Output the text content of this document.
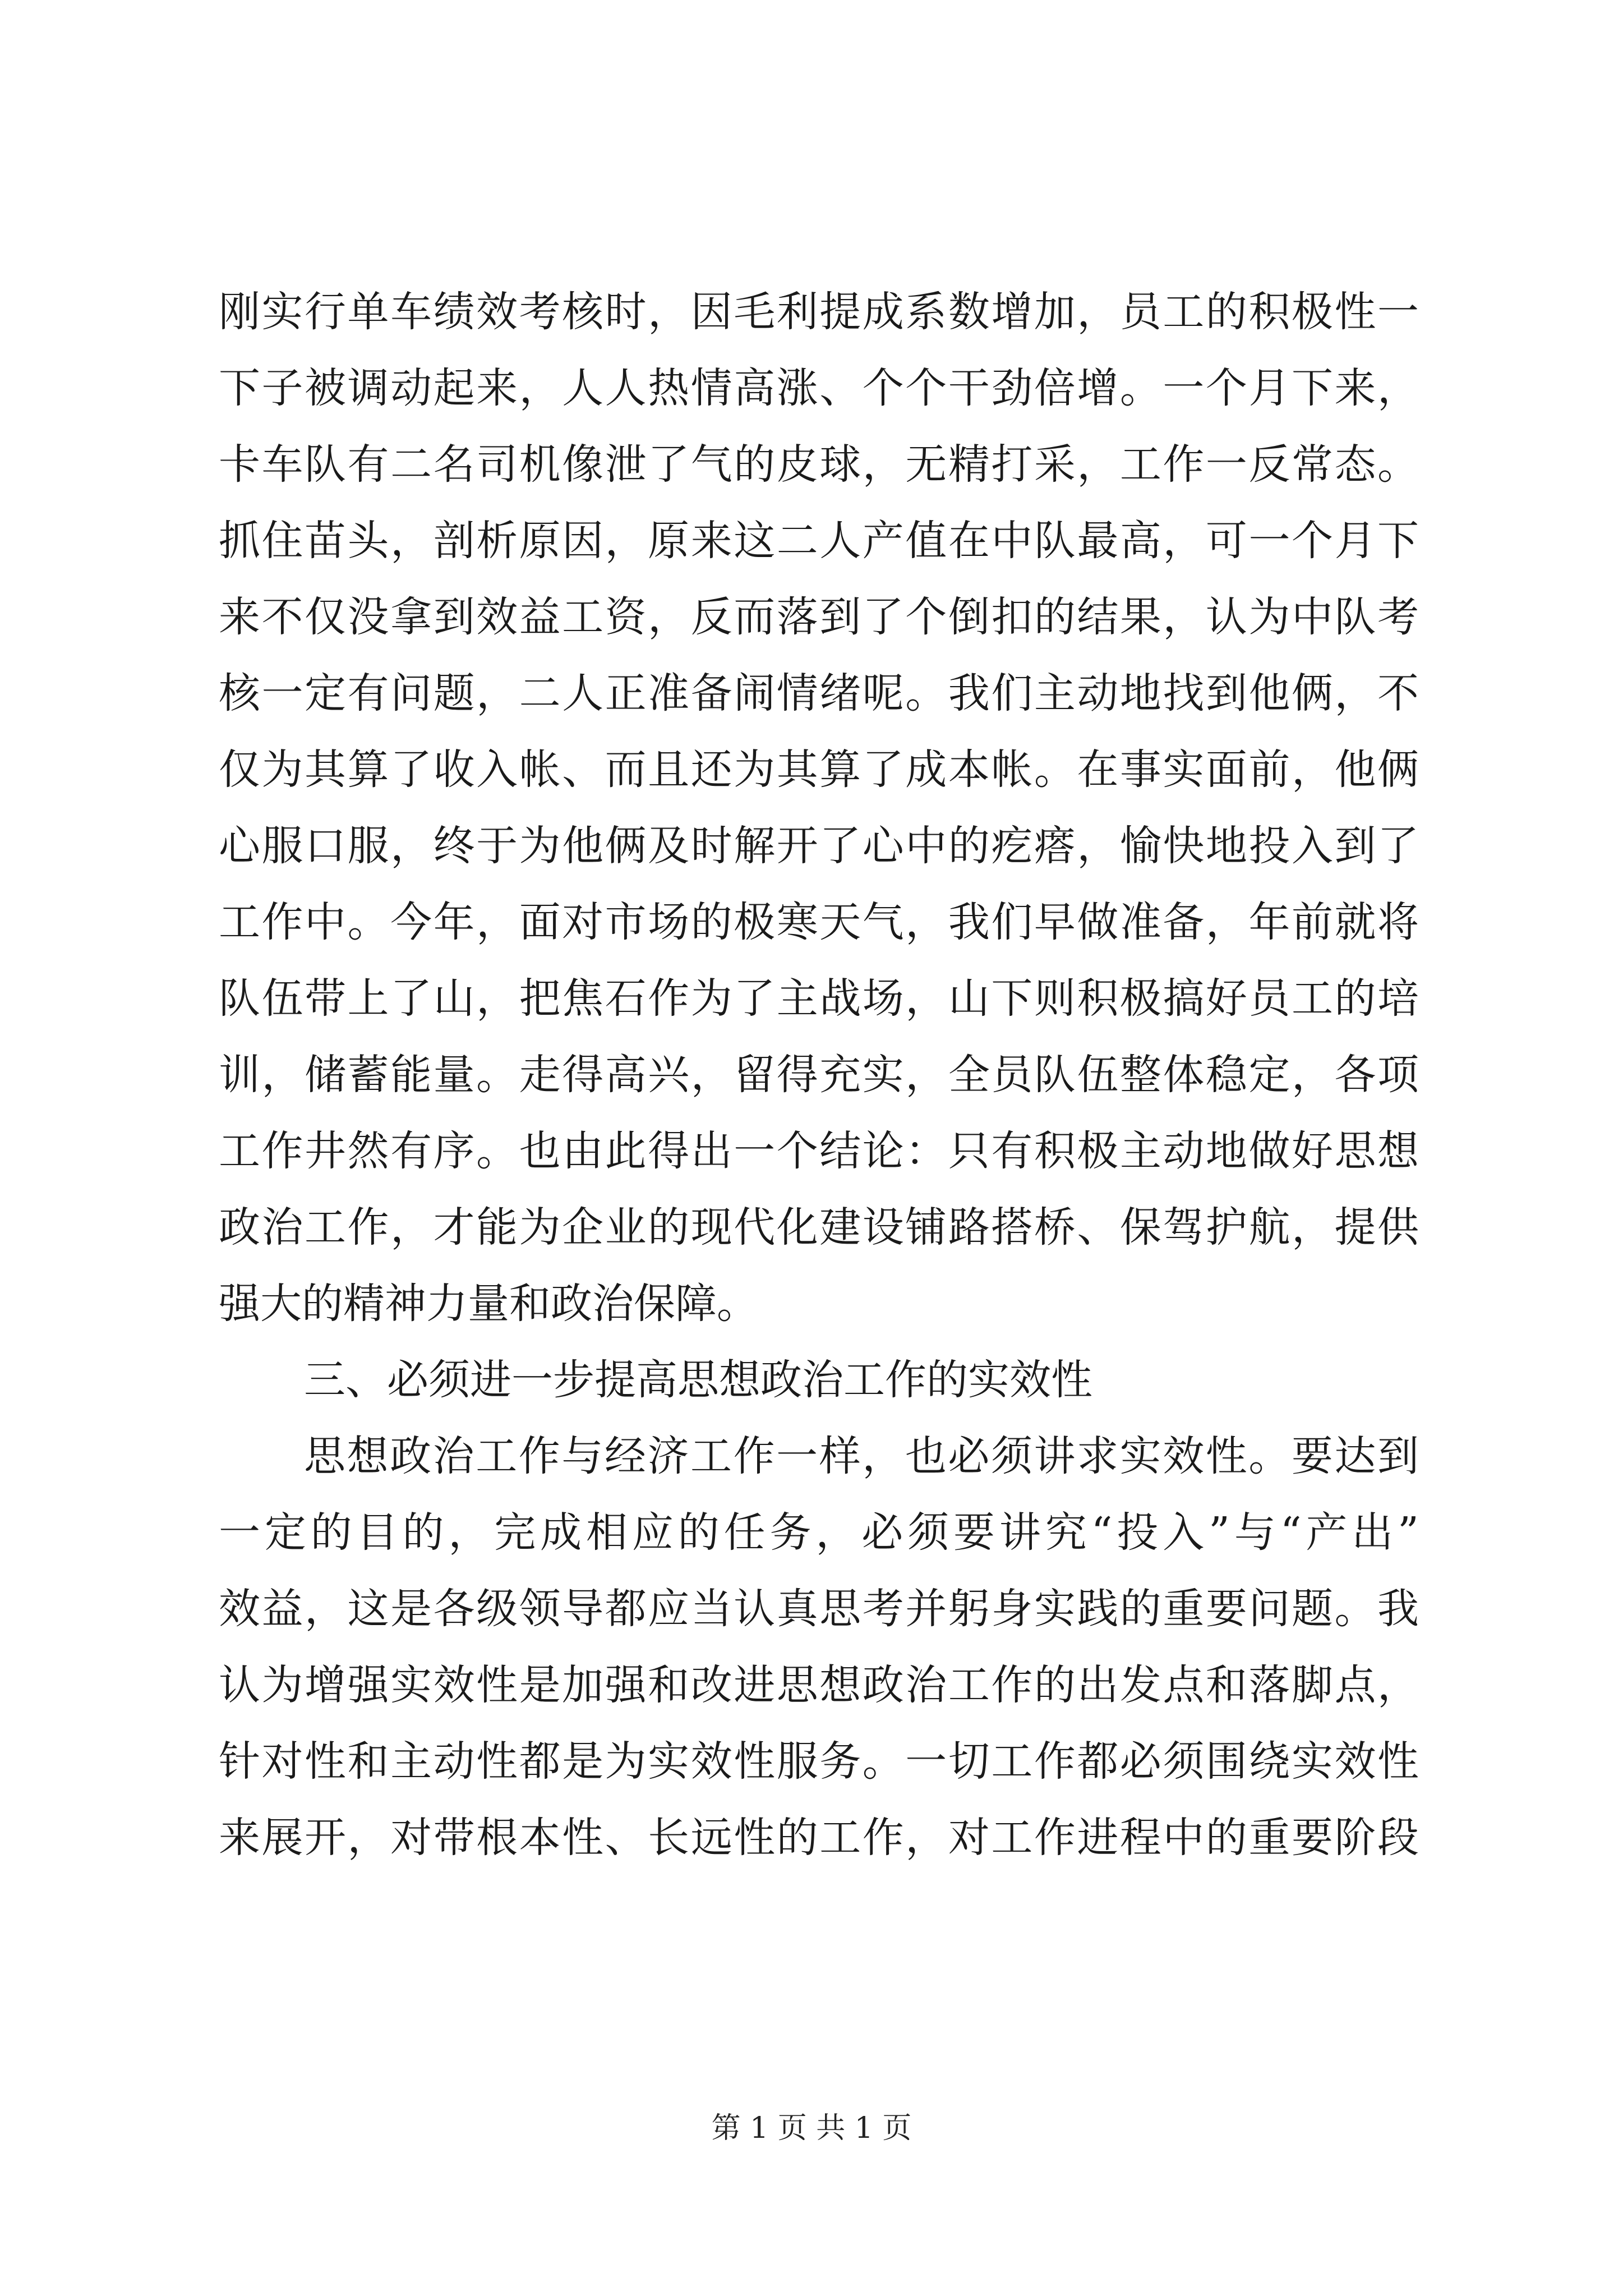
刚实行单车绩效考核时，因毛利提成系数增加，员工的积极性一
下子被调动起来，人人热情高涨、个个干劲倍增。一个月下来，
卡车队有二名司机像泄了气的皮球，无精打采，工作一反常态。
抓住苗头，剖析原因，原来这二人产值在中队最高，可一个月下
来不仅没拿到效益工资，反而落到了个倒扣的结果，认为中队考
核一定有问题，二人正准备闹情绪呢。我们主动地找到他俩，不
仅为其算了收入帐、而且还为其算了成本帐。在事实面前，他俩
心服口服，终于为他俩及时解开了心中的疙瘩，愉快地投入到了
工作中。今年，面对市场的极寒天气，我们早做准备，年前就将
队伍带上了山，把焦石作为了主战场，山下则积极搞好员工的培
训，储蓄能量。走得高兴，留得充实，全员队伍整体稳定，各项
工作井然有序。也由此得出一个结论：只有积极主动地做好思想
政治工作，才能为企业的现代化建设铺路搭桥、保驾护航，提供
强大的精神力量和政治保障。
三、必须进一步提高思想政治工作的实效性
思想政治工作与经济工作一样，也必须讲求实效性。要达到
一定的目的，完成相应的任务，必须要讲究“投入”与“产出”
效益，这是各级领导都应当认真思考并躬身实践的重要问题。我
认为增强实效性是加强和改进思想政治工作的出发点和落脚点，
针对性和主动性都是为实效性服务。一切工作都必须围绕实效性
来展开，对带根本性、长远性的工作，对工作进程中的重要阶段
第 1 页 共 1 页
